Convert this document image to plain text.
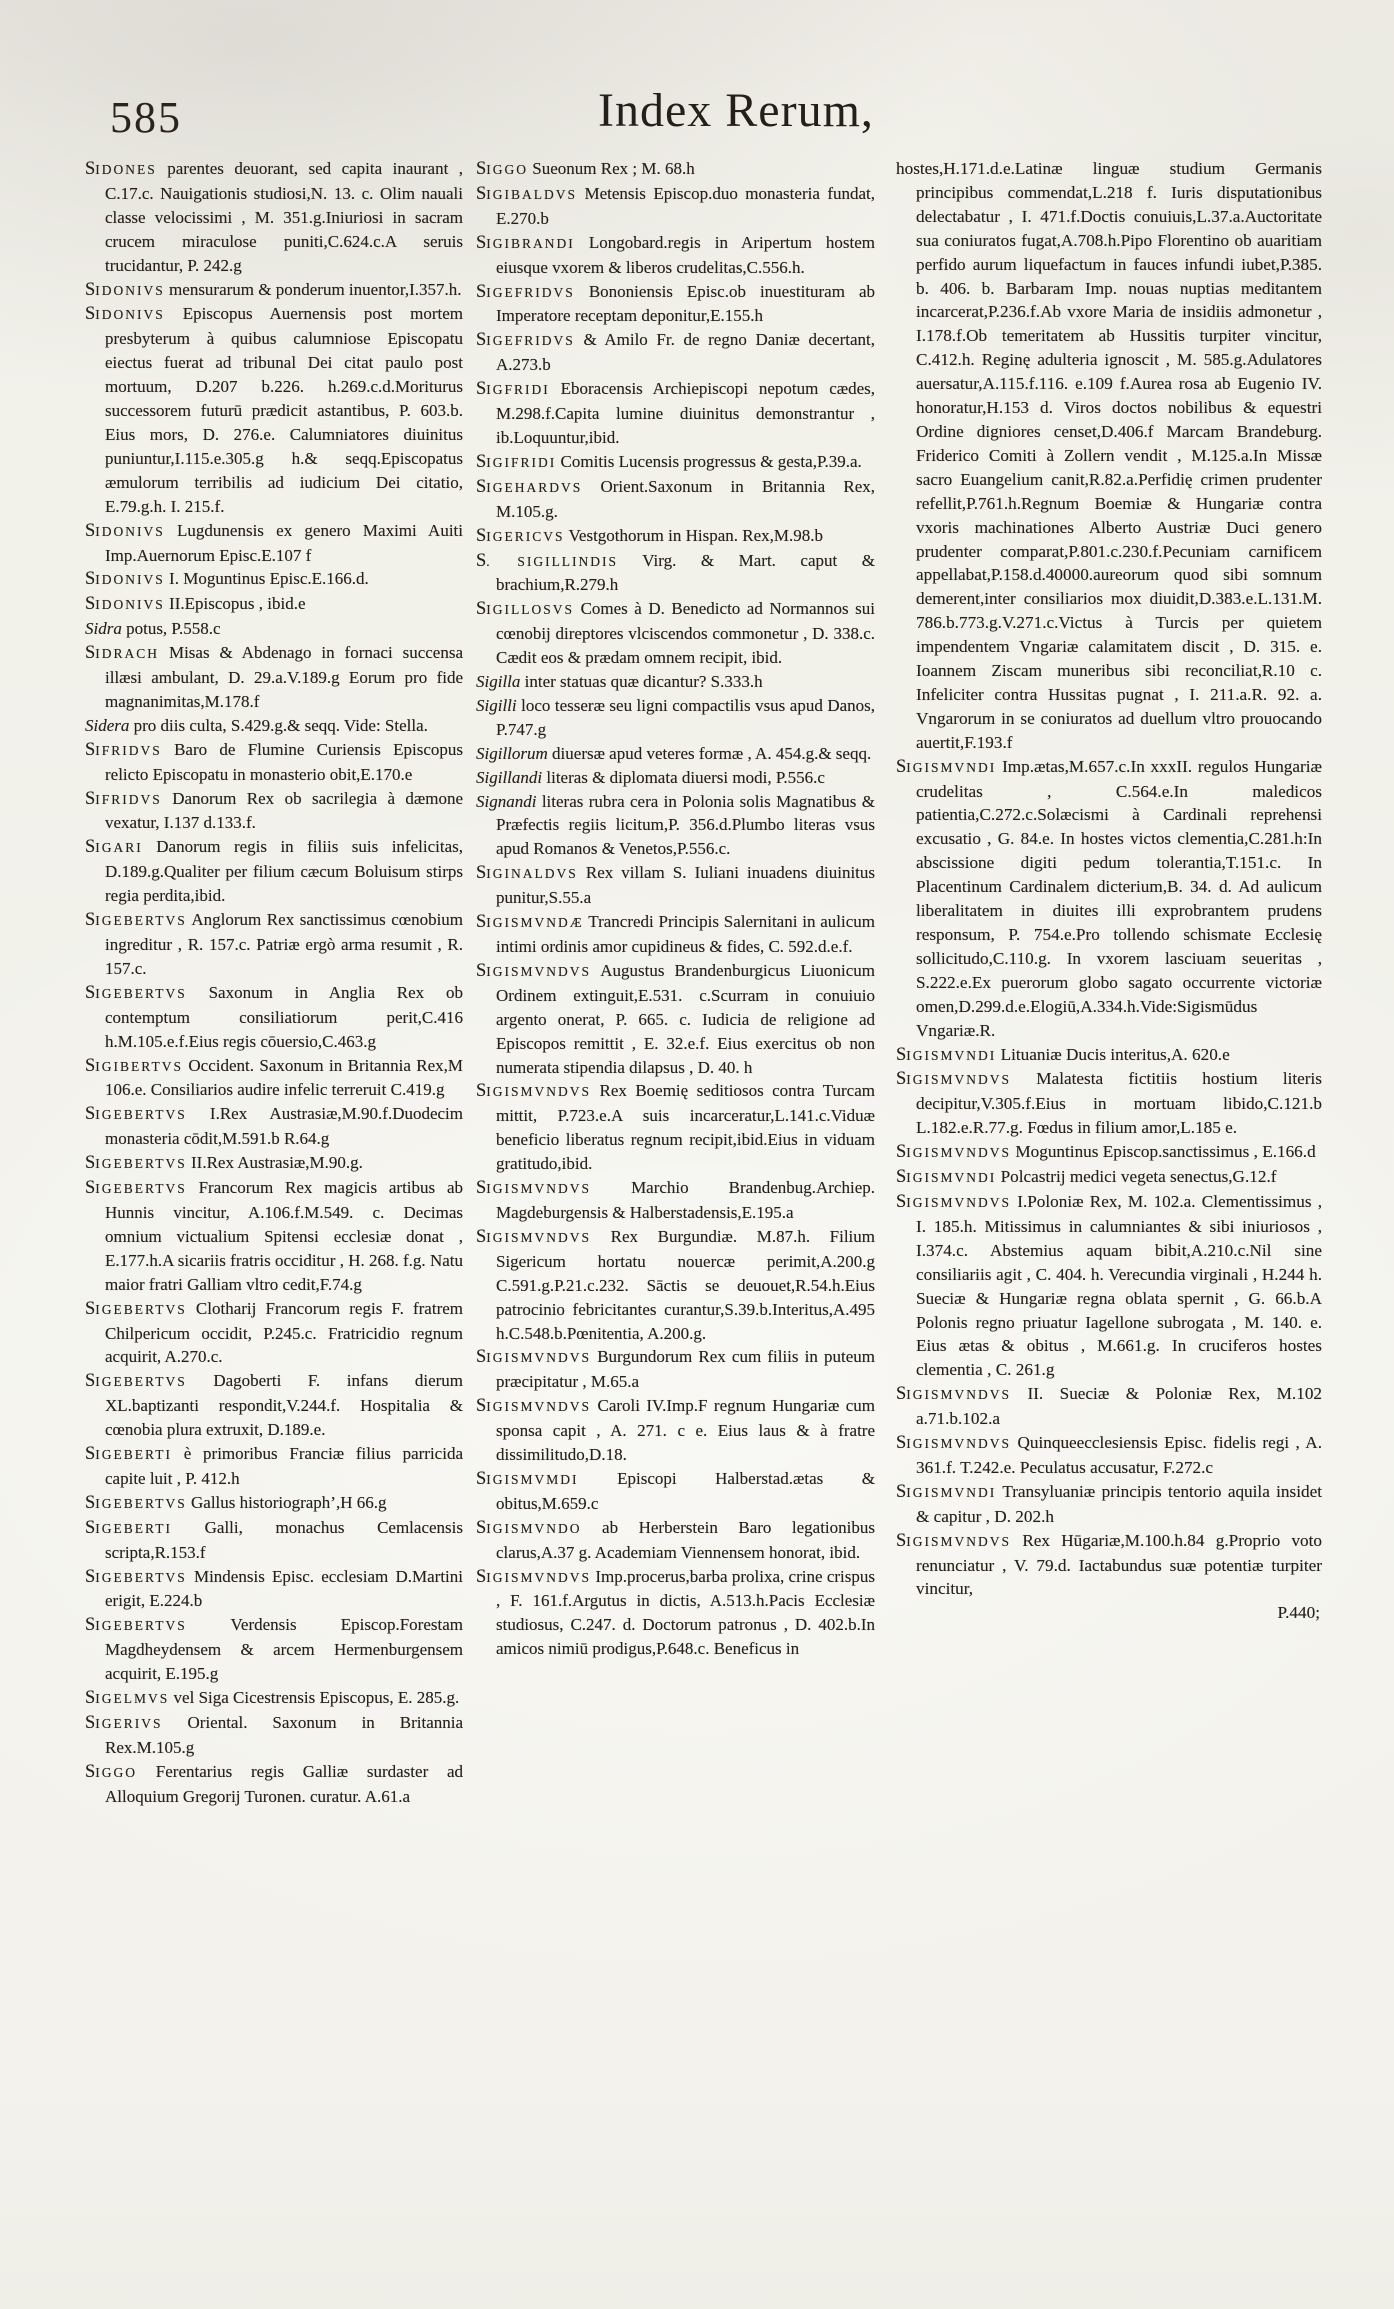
585	Index Rerum,

SIDONES parentes deuorant, sed capita inaurant , C.17.c. Nauigationis studiosi,N. 13. c. Olim nauali classe velocissimi , M. 351.g.Iniuriosi in sacram crucem miraculose puniti,C.624.c.A seruis trucidantur, P. 242.g

SIDONIVS mensurarum & ponderum inuentor,I.357.h.

SIDONIVS Episcopus Auernensis post mortem presbyterum à quibus calumniose Episcopatu eiectus fuerat ad tribunal Dei citat paulo post mortuum, D.207 b.226. h.269.c.d.Moriturus successorem futurū prædicit astantibus, P. 603.b. Eius mors, D. 276.e. Calumniatores diuinitus puniuntur,I.115.e.305.g h.& seqq.Episcopatus æmulorum terribilis ad iudicium Dei citatio, E.79.g.h. I. 215.f.

SIDONIVS Lugdunensis ex genero Maximi Auiti Imp.Auernorum Episc.E.107 f

SIDONIVS I. Moguntinus Episc.E.166.d.

SIDONIVS II.Episcopus , ibid.e

Sidra potus, P.558.c

SIDRACH Misas & Abdenago in fornaci succensa illæsi ambulant, D. 29.a.V.189.g Eorum pro fide magnanimitas,M.178.f

Sidera pro diis culta, S.429.g.& seqq. Vide: Stella.

SIFRIDVS Baro de Flumine Curiensis Episcopus relicto Episcopatu in monasterio obit,E.170.e

SIFRIDVS Danorum Rex ob sacrilegia à dæmone vexatur, I.137 d.133.f.

SIGARI Danorum regis in filiis suis infelicitas, D.189.g.Qualiter per filium cæcum Boluisum stirps regia perdita,ibid.

SIGEBERTVS Anglorum Rex sanctissimus cœnobium ingreditur , R. 157.c. Patriæ ergò arma resumit , R. 157.c.

SIGEBERTVS Saxonum in Anglia Rex ob contemptum consiliatiorum perit,C.416 h.M.105.e.f.Eius regis cōuersio,C.463.g

SIGIBERTVS Occident. Saxonum in Britannia Rex,M 106.e. Consiliarios audire infelic terreruit C.419.g

SIGEBERTVS I.Rex Austrasiæ,M.90.f.Duodecim monasteria cōdit,M.591.b R.64.g

SIGEBERTVS II.Rex Austrasiæ,M.90.g.

SIGEBERTVS Francorum Rex magicis artibus ab Hunnis vincitur, A.106.f.M.549. c. Decimas omnium victualium Spitensi ecclesiæ donat , E.177.h.A sicariis fratris occiditur , H. 268. f.g. Natu maior fratri Galliam vltro cedit,F.74.g

SIGEBERTVS Clotharij Francorum regis F. fratrem Chilpericum occidit, P.245.c. Fratricidio regnum acquirit, A.270.c.

SIGEBERTVS Dagoberti F. infans dierum XL.baptizanti respondit,V.244.f. Hospitalia & cœnobia plura extruxit, D.189.e.

SIGEBERTI è primoribus Franciæ filius parricida capite luit , P. 412.h

SIGEBERTVS Gallus historiograph’,H 66.g

SIGEBERTI Galli, monachus Cemlacensis scripta,R.153.f

SIGEBERTVS Mindensis Episc. ecclesiam D.Martini erigit, E.224.b

SIGEBERTVS	Verdensis Episcop.Forestam Magdheydensem & arcem Hermenburgensem acquirit, E.195.g

SIGELMVS vel Siga Cicestrensis Episcopus, E. 285.g.

SIGERIVS Oriental. Saxonum in Britannia Rex.M.105.g

SIGGO Ferentarius regis Galliæ surdaster ad Alloquium Gregorij Turonen. curatur. A.61.a

SIGGO Sueonum Rex ; M. 68.h

SIGIBALDVS Metensis Episcop.duo monasteria fundat, E.270.b

SIGIBRANDI Longobard.regis in Aripertum hostem eiusque vxorem & liberos crudelitas,C.556.h.

SIGEFRIDVS Bononiensis Episc.ob inuestituram ab Imperatore receptam deponitur,E.155.h

SIGEFRIDVS & Amilo Fr. de regno Daniæ decertant, A.273.b

SIGFRIDI Eboracensis Archiepiscopi nepotum cædes, M.298.f.Capita lumine diuinitus demonstrantur , ib.Loquuntur,ibid.

SIGIFRIDI Comitis Lucensis progressus & gesta,P.39.a.

SIGEHARDVS Orient.Saxonum in Britannia Rex, M.105.g.

SIGERICVS Vestgothorum in Hispan. Rex,M.98.b

S. SIGILLINDIS Virg. & Mart. caput & brachium,R.279.h

SIGILLOSVS Comes à D. Benedicto ad Normannos sui cœnobij direptores vlciscendos commonetur , D. 338.c. Cædit eos & prædam omnem recipit, ibid.

Sigilla inter statuas quæ dicantur? S.333.h

Sigilli loco tesseræ seu ligni compactilis vsus apud Danos, P.747.g

Sigillorum diuersæ apud veteres formæ , A. 454.g.& seqq.

Sigillandi literas & diplomata diuersi modi, P.556.c

Signandi literas rubra cera in Polonia solis Magnatibus & Præfectis regiis licitum,P. 356.d.Plumbo literas vsus apud Romanos & Venetos,P.556.c.

SIGINALDVS Rex villam S. Iuliani inuadens diuinitus punitur,S.55.a

SIGISMVNDÆ Trancredi Principis Salernitani in aulicum intimi ordinis amor cupidineus & fides, C. 592.d.e.f.

SIGISMVNDVS Augustus Brandenburgicus Liuonicum Ordinem extinguit,E.531. c.Scurram in conuiuio argento onerat, P. 665. c. Iudicia de religione ad Episcopos remittit , E. 32.e.f. Eius exercitus ob non numerata stipendia dilapsus , D. 40. h

SIGISMVNDVS Rex Boemię seditiosos contra Turcam mittit, P.723.e.A suis incarceratur,L.141.c.Viduæ beneficio liberatus regnum recipit,ibid.Eius in viduam gratitudo,ibid.

SIGISMVNDVS Marchio Brandenbug.Archiep. Magdeburgensis & Halberstadensis,E.195.a

SIGISMVNDVS Rex Burgundiæ. M.87.h. Filium Sigericum hortatu nouercæ perimit,A.200.g C.591.g.P.21.c.232. Sāctis se deuouet,R.54.h.Eius patrocinio febricitantes curantur,S.39.b.Interitus,A.495 h.C.548.b.Pœnitentia, A.200.g.

SIGISMVNDVS Burgundorum Rex cum filiis in puteum præcipitatur , M.65.a

SIGISMVNDVS Caroli IV.Imp.F regnum Hungariæ cum sponsa capit , A. 271. c e. Eius laus & à fratre dissimilitudo,D.18.

SIGISMVMDI Episcopi Halberstad.ætas & obitus,M.659.c

SIGISMVNDO ab Herberstein Baro legationibus clarus,A.37 g. Academiam Viennensem honorat, ibid.

SIGISMVNDVS Imp.procerus,barba prolixa, crine crispus , F. 161.f.Argutus in dictis, A.513.h.Pacis Ecclesiæ studiosus, C.247. d. Doctorum patronus , D. 402.b.In amicos nimiū prodigus,P.648.c. Beneficus in

hostes,H.171.d.e.Latinæ linguæ studium Germanis principibus commendat,L.218 f. Iuris disputationibus delectabatur , I. 471.f.Doctis conuiuis,L.37.a.Auctoritate sua coniuratos fugat,A.708.h.Pipo Florentino ob auaritiam perfido aurum liquefactum in fauces infundi iubet,P.385. b. 406. b. Barbaram Imp. nouas nuptias meditantem incarcerat,P.236.f.Ab vxore Maria de insidiis admonetur , I.178.f.Ob temeritatem ab Hussitis turpiter vincitur, C.412.h. Reginę adulteria ignoscit , M. 585.g.Adulatores auersatur,A.115.f.116. e.109 f.Aurea rosa ab Eugenio IV. honoratur,H.153 d. Viros doctos nobilibus & equestri Ordine digniores censet,D.406.f Marcam Brandeburg. Friderico Comiti à Zollern vendit , M.125.a.In Missæ sacro Euangelium canit,R.82.a.Perfidię crimen prudenter refellit,P.761.h.Regnum Boemiæ & Hungariæ contra vxoris machinationes Alberto Austriæ Duci genero prudenter comparat,P.801.c.230.f.Pecuniam carnificem appellabat,P.158.d.40000.aureorum quod sibi somnum demerent,inter consiliarios mox diuidit,D.383.e.L.131.M. 786.b.773.g.V.271.c.Victus à Turcis per quietem impendentem Vngariæ calamitatem discit , D. 315. e. Ioannem Ziscam muneribus sibi reconciliat,R.10 c. Infeliciter contra Hussitas pugnat , I. 211.a.R. 92. a. Vngarorum in se coniuratos ad duellum vltro prouocando auertit,F.193.f

SIGISMVNDI Imp.ætas,M.657.c.In xxxII. regulos Hungariæ crudelitas , C.564.e.In maledicos patientia,C.272.c.Solæcismi à Cardinali reprehensi excusatio , G. 84.e. In hostes victos clementia,C.281.h:In abscissione digiti pedum tolerantia,T.151.c. In Placentinum Cardinalem dicterium,B. 34. d. Ad aulicum liberalitatem in diuites illi exprobrantem prudens responsum, P. 754.e.Pro tollendo schismate Ecclesię sollicitudo,C.110.g. In vxorem lasciuam seueritas , S.222.e.Ex puerorum globo sagato occurrente victoriæ omen,D.299.d.e.Elogiū,A.334.h.Vide:Sigismūdus Vngariæ.R.

SIGISMVNDI Lituaniæ Ducis interitus,A. 620.e

SIGISMVNDVS Malatesta fictitiis hostium literis decipitur,V.305.f.Eius in mortuam libido,C.121.b L.182.e.R.77.g. Fœdus in filium amor,L.185 e.

SIGISMVNDVS Moguntinus Episcop.sanctissimus , E.166.d

SIGISMVNDI Polcastrij medici vegeta senectus,G.12.f

SIGISMVNDVS I.Poloniæ Rex, M. 102.a. Clementissimus , I. 185.h. Mitissimus in calumniantes & sibi iniuriosos , I.374.c. Abstemius aquam bibit,A.210.c.Nil sine consiliariis agit , C. 404. h. Verecundia virginali , H.244 h. Sueciæ & Hungariæ regna oblata spernit , G. 66.b.A Polonis regno priuatur Iagellone subrogata , M. 140. e. Eius ætas & obitus , M.661.g. In cruciferos hostes clementia , C. 261.g

SIGISMVNDVS II. Sueciæ & Poloniæ Rex, M.102 a.71.b.102.a

SIGISMVNDVS Quinqueecclesiensis Episc. fidelis regi , A. 361.f. T.242.e. Peculatus accusatur, F.272.c

SIGISMVNDI Transyluaniæ principis tentorio aquila insidet & capitur , D. 202.h

SIGISMVNDVS Rex Hūgariæ,M.100.h.84 g.Proprio voto renunciatur , V. 79.d. Iactabundus suæ potentiæ turpiter vincitur,

P.440;
